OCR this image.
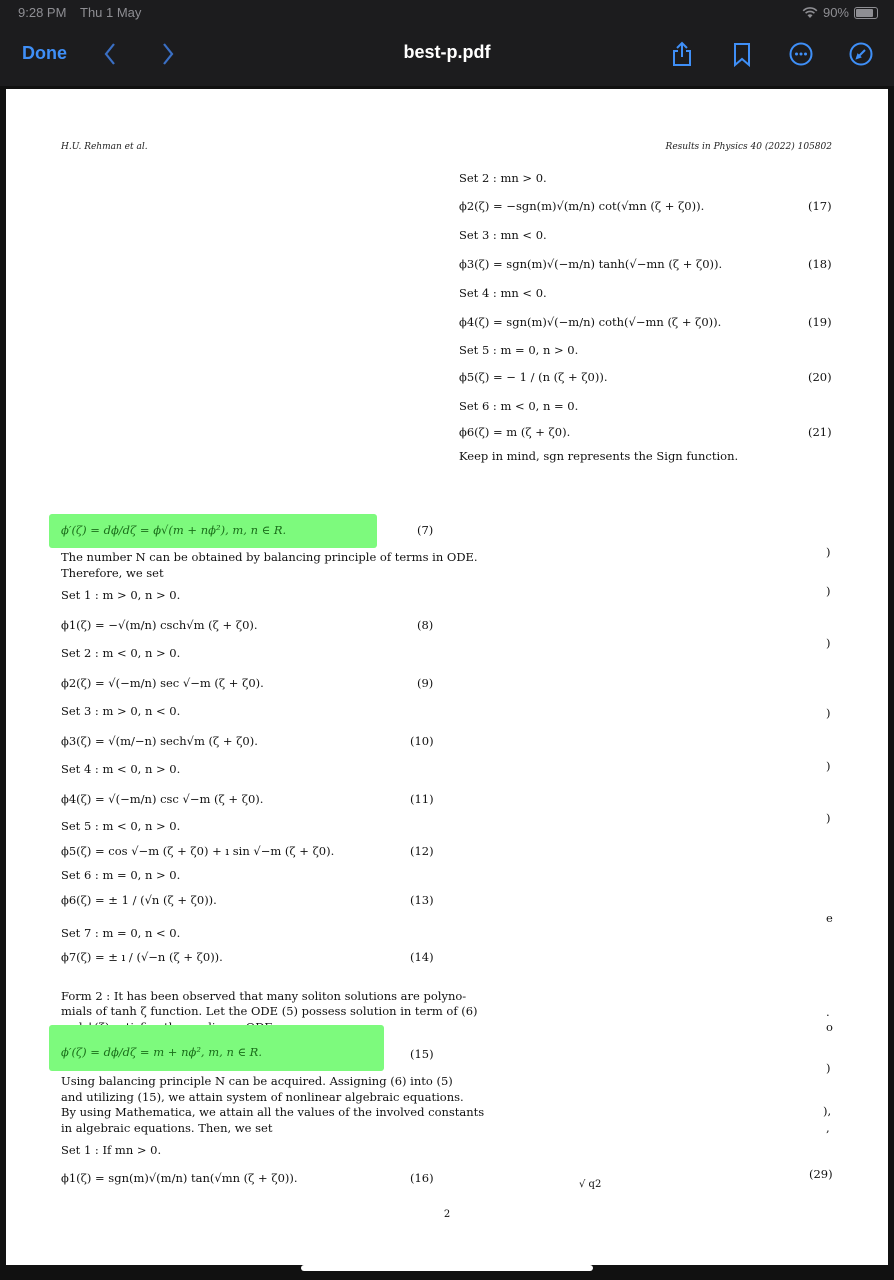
9:28 PM Thu 1 May	90%
Done	best-p.pdf
H.U. Rehman et al.	Results in Physics 40 (2022) 105802
Set 2 : mn > 0.
ϕ2(ζ) = −sgn(m)√(m/n) cot(√mn (ζ + ζ0)).	(17)
Set 3 : mn < 0.
ϕ3(ζ) = sgn(m)√(−m/n) tanh(√−mn (ζ + ζ0)).	(18)
Set 4 : mn < 0.
ϕ4(ζ) = sgn(m)√(−m/n) coth(√−mn (ζ + ζ0)).	(19)
Set 5 : m = 0, n > 0.
ϕ5(ζ) = − 1 / (n (ζ + ζ0)).	(20)
Set 6 : m < 0, n = 0.
ϕ6(ζ) = m (ζ + ζ0).	(21)
Keep in mind, sgn represents the Sign function.
ϕ′(ζ) = dϕ/dζ = ϕ√(m + nϕ²), m, n ∈ R.	(7)
The number N can be obtained by balancing principle of terms in ODE.
Therefore, we set
Set 1 : m > 0, n > 0.
ϕ1(ζ) = −√(m/n) csch√m (ζ + ζ0).	(8)
Set 2 : m < 0, n > 0.
ϕ2(ζ) = √(−m/n) sec √−m (ζ + ζ0).	(9)
Set 3 : m > 0, n < 0.
ϕ3(ζ) = √(m/−n) sech√m (ζ + ζ0).	(10)
Set 4 : m < 0, n > 0.
ϕ4(ζ) = √(−m/n) csc √−m (ζ + ζ0).	(11)
Set 5 : m < 0, n > 0.
ϕ5(ζ) = cos √−m (ζ + ζ0) + ı sin √−m (ζ + ζ0).	(12)
Set 6 : m = 0, n > 0.
ϕ6(ζ) = ± 1 / (√n (ζ + ζ0)).	(13)
Set 7 : m = 0, n < 0.
ϕ7(ζ) = ± ı / (√−n (ζ + ζ0)).	(14)
Form 2 : It has been observed that many soliton solutions are polyno-
mials of tanh ζ function. Let the ODE (5) possess solution in term of (6)
ϕ′(ζ) = dϕ/dζ = m + nϕ², m, n ∈ R.	(15)
Using balancing principle N can be acquired. Assigning (6) into (5)
and utilizing (15), we attain system of nonlinear algebraic equations.
By using Mathematica, we attain all the values of the involved constants
in algebraic equations. Then, we set
Set 1 : If mn > 0.
ϕ1(ζ) = sgn(m)√(m/n) tan(√mn (ζ + ζ0)).	(16)
)
)
)
)
)
)
e
.
o
)
),
,
(29)
√ q2
2
